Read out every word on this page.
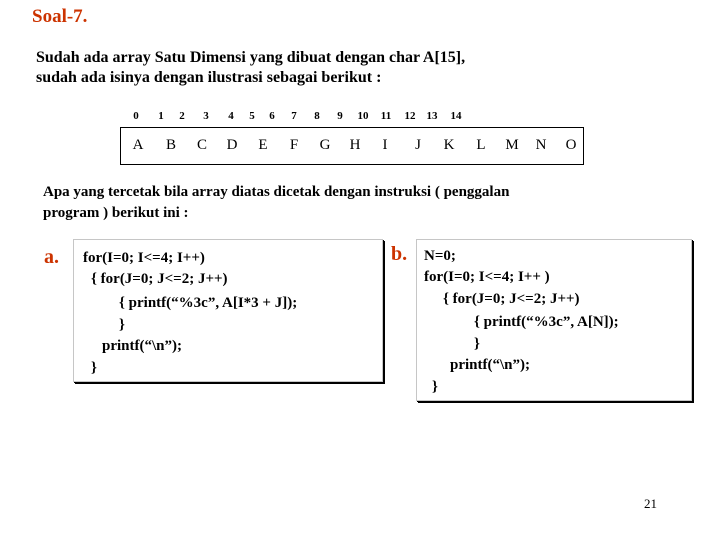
Soal-7.
Sudah ada array Satu Dimensi yang dibuat dengan char A[15],
sudah ada isinya dengan ilustrasi sebagai berikut :
0 1 2 3 4 5 6 7 8 9 10 11 12 13 14
A B C D E F G H I J K L M N O
Apa yang tercetak bila array diatas dicetak dengan instruksi ( penggalan
program ) berikut ini :
a. for(I=0; I<=4; I++)
{ for(J=0; J<=2; J++)
{ printf(“%3c”, A[I*3 + J]);
}
printf(“\n”);
}
b. N=0;
for(I=0; I<=4; I++ )
{ for(J=0; J<=2; J++)
{ printf(“%3c”, A[N]);
}
printf(“\n”);
}
21
